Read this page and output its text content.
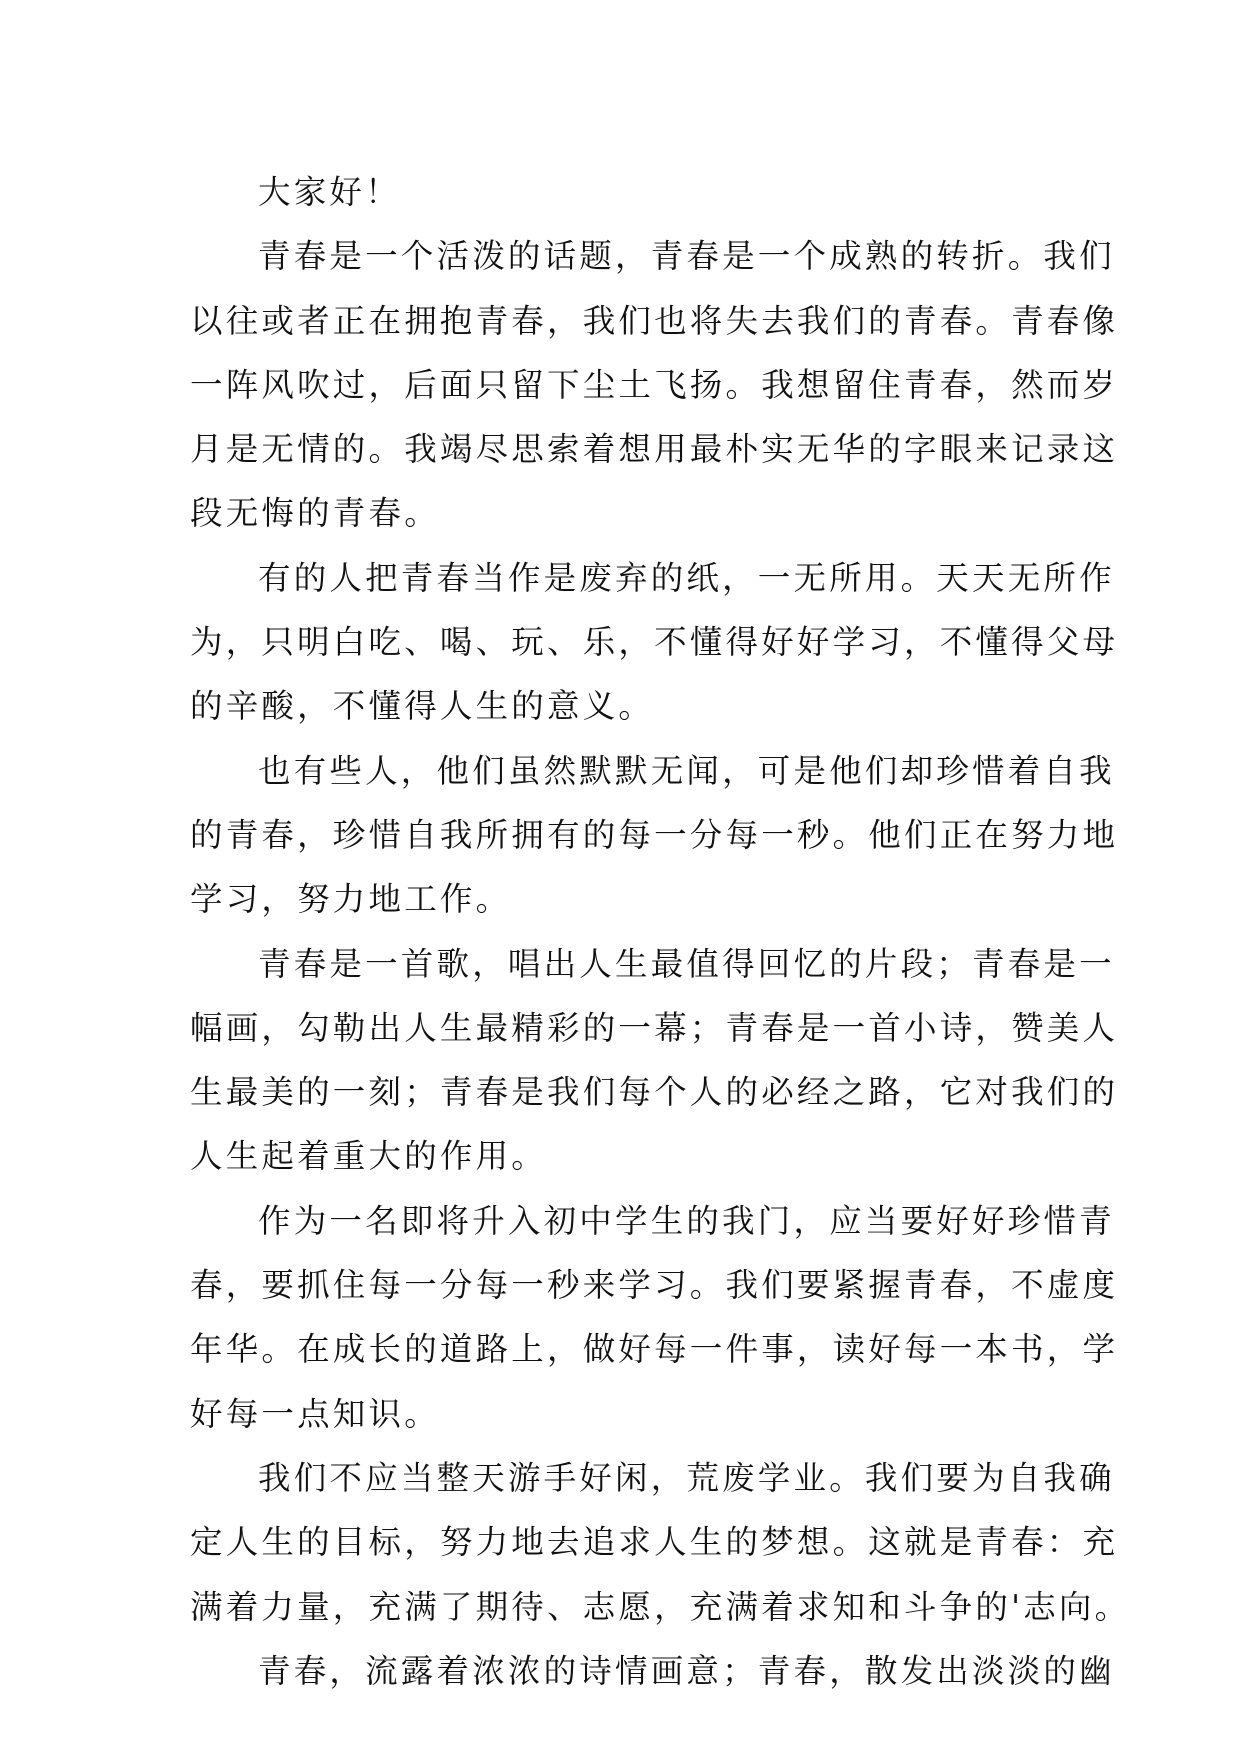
大家好！

青春是一个活泼的话题，青春是一个成熟的转折。我们
以往或者正在拥抱青春，我们也将失去我们的青春。青春像
一阵风吹过，后面只留下尘土飞扬。我想留住青春，然而岁
月是无情的。我竭尽思索着想用最朴实无华的字眼来记录这
段无悔的青春。

有的人把青春当作是废弃的纸，一无所用。天天无所作
为，只明白吃、喝、玩、乐，不懂得好好学习，不懂得父母
的辛酸，不懂得人生的意义。

也有些人，他们虽然默默无闻，可是他们却珍惜着自我
的青春，珍惜自我所拥有的每一分每一秒。他们正在努力地
学习，努力地工作。

青春是一首歌，唱出人生最值得回忆的片段；青春是一
幅画，勾勒出人生最精彩的一幕；青春是一首小诗，赞美人
生最美的一刻；青春是我们每个人的必经之路，它对我们的
人生起着重大的作用。

作为一名即将升入初中学生的我门，应当要好好珍惜青
春，要抓住每一分每一秒来学习。我们要紧握青春，不虚度
年华。在成长的道路上，做好每一件事，读好每一本书，学
好每一点知识。

我们不应当整天游手好闲，荒废学业。我们要为自我确
定人生的目标，努力地去追求人生的梦想。这就是青春：充
满着力量，充满了期待、志愿，充满着求知和斗争的'志向。

青春，流露着浓浓的诗情画意；青春，散发出淡淡的幽
